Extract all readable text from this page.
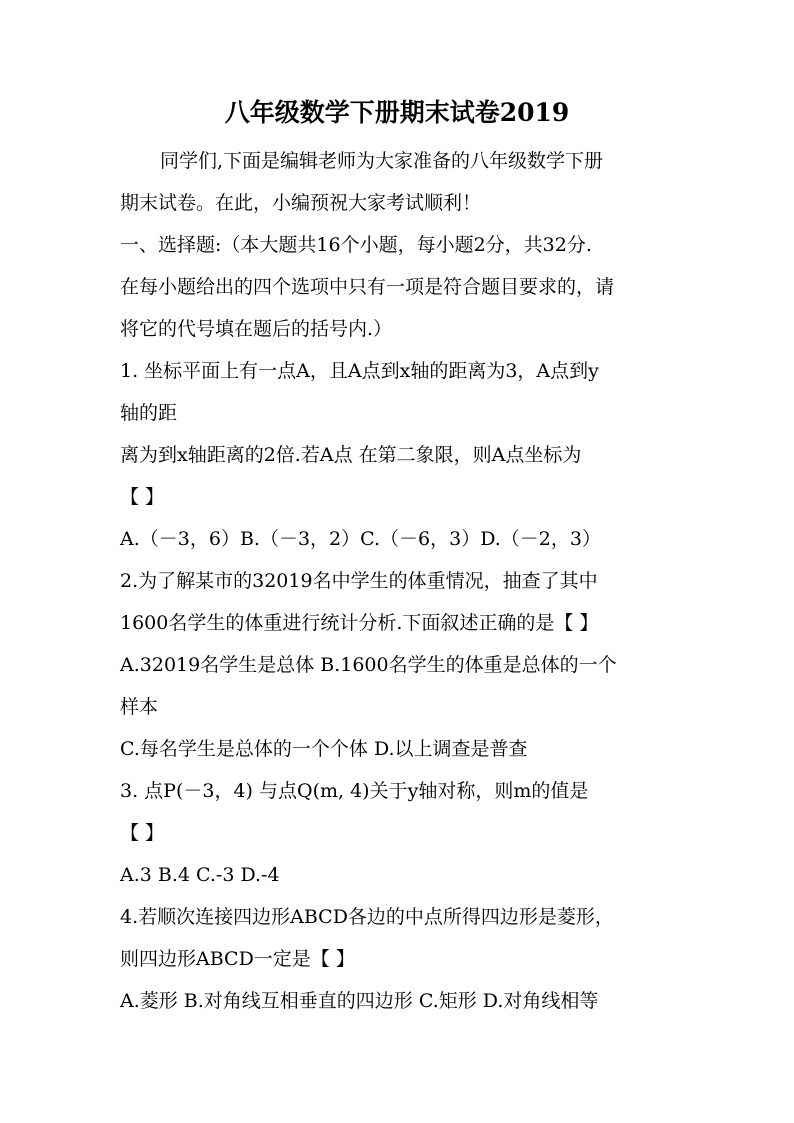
八年级数学下册期末试卷2019
同学们,下面是编辑老师为大家准备的八年级数学下册
期末试卷。在此，小编预祝大家考试顺利！
一、选择题:（本大题共16个小题，每小题2分，共32分.
在每小题给出的四个选项中只有一项是符合题目要求的，请
将它的代号填在题后的括号内.）
1. 坐标平面上有一点A，且A点到x轴的距离为3，A点到y
轴的距
离为到x轴距离的2倍.若A点 在第二象限，则A点坐标为
【 】
A.（－3，6）B.（－3，2）C.（－6，3）D.（－2，3）
2.为了解某市的32019名中学生的体重情况，抽查了其中
1600名学生的体重进行统计分析.下面叙述正确的是【 】
A.32019名学生是总体 B.1600名学生的体重是总体的一个
样本
C.每名学生是总体的一个个体 D.以上调查是普查
3. 点P(－3，4) 与点Q(m, 4)关于y轴对称，则m的值是
【 】
A.3 B.4 C.-3 D.-4
4.若顺次连接四边形ABCD各边的中点所得四边形是菱形，
则四边形ABCD一定是【 】
A.菱形 B.对角线互相垂直的四边形 C.矩形 D.对角线相等
